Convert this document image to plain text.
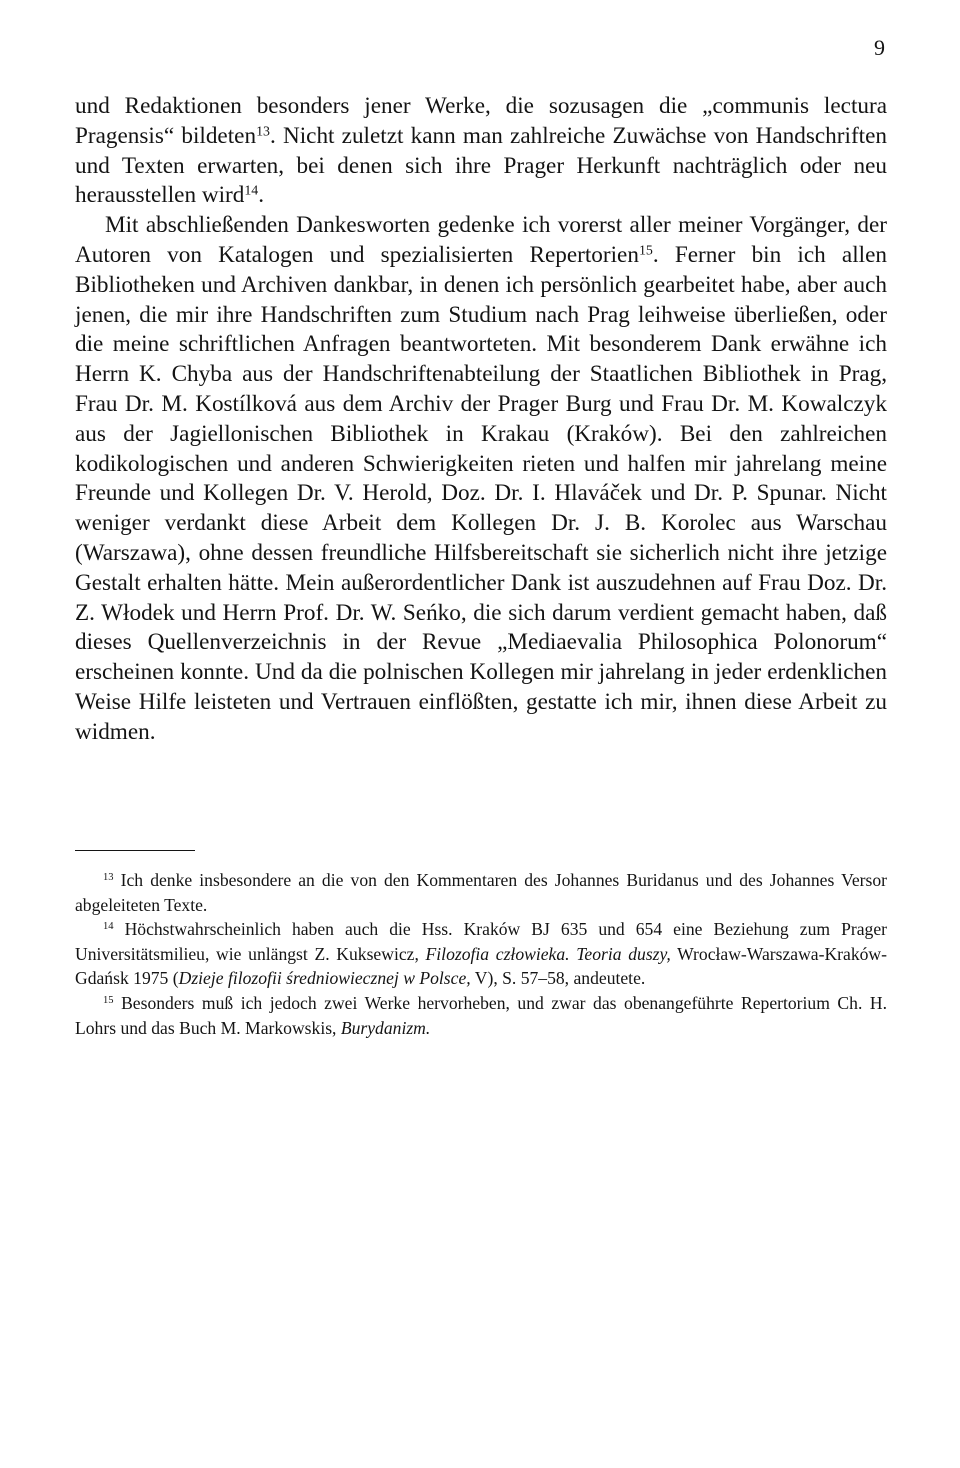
9

und Redaktionen besonders jener Werke, die sozusagen die „communis lectura Pragensis“ bildeten$^{13}$. Nicht zuletzt kann man zahlreiche Zuwächse von Handschriften und Texten erwarten, bei denen sich ihre Prager Herkunft nachträglich oder neu herausstellen wird$^{14}$.

Mit abschließenden Dankesworten gedenke ich vorerst aller meiner Vorgänger, der Autoren von Katalogen und spezialisierten Repertorien$^{15}$. Ferner bin ich allen Bibliotheken und Archiven dankbar, in denen ich persönlich gearbeitet habe, aber auch jenen, die mir ihre Handschriften zum Studium nach Prag leihweise überließen, oder die meine schriftlichen Anfragen beantworteten. Mit besonderem Dank erwähne ich Herrn K. Chyba aus der Handschriftenabteilung der Staatlichen Bibliothek in Prag, Frau Dr. M. Kostílková aus dem Archiv der Prager Burg und Frau Dr. M. Kowalczyk aus der Jagiellonischen Bibliothek in Krakau (Kraków). Bei den zahlreichen kodikologischen und anderen Schwierigkeiten rieten und halfen mir jahrelang meine Freunde und Kollegen Dr. V. Herold, Doz. Dr. I. Hlaváček und Dr. P. Spunar. Nicht weniger verdankt diese Arbeit dem Kollegen Dr. J. B. Korolec aus Warschau (Warszawa), ohne dessen freundliche Hilfsbereitschaft sie sicherlich nicht ihre jetzige Gestalt erhalten hätte. Mein außerordentlicher Dank ist auszudehnen auf Frau Doz. Dr. Z. Włodek und Herrn Prof. Dr. W. Seńko, die sich darum verdient gemacht haben, daß dieses Quellenverzeichnis in der Revue „Mediaevalia Philosophica Polonorum“ erscheinen konnte. Und da die polnischen Kollegen mir jahrelang in jeder erdenklichen Weise Hilfe leisteten und Vertrauen einflößten, gestatte ich mir, ihnen diese Arbeit zu widmen.

$^{13}$ Ich denke insbesondere an die von den Kommentaren des Johannes Buridanus und des Johannes Versor abgeleiteten Texte.

$^{14}$ Höchstwahrscheinlich haben auch die Hss. Kraków BJ 635 und 654 eine Beziehung zum Prager Universitätsmilieu, wie unlängst Z. Kuksewicz, Filozofia człowieka. Teoria duszy, Wrocław-Warszawa-Kraków-Gdańsk 1975 (Dzieje filozofii średniowiecznej w Polsce, V), S. 57–58, andeutete.

$^{15}$ Besonders muß ich jedoch zwei Werke hervorheben, und zwar das obenangeführte Repertorium Ch. H. Lohrs und das Buch M. Markowskis, Burydanizm.
